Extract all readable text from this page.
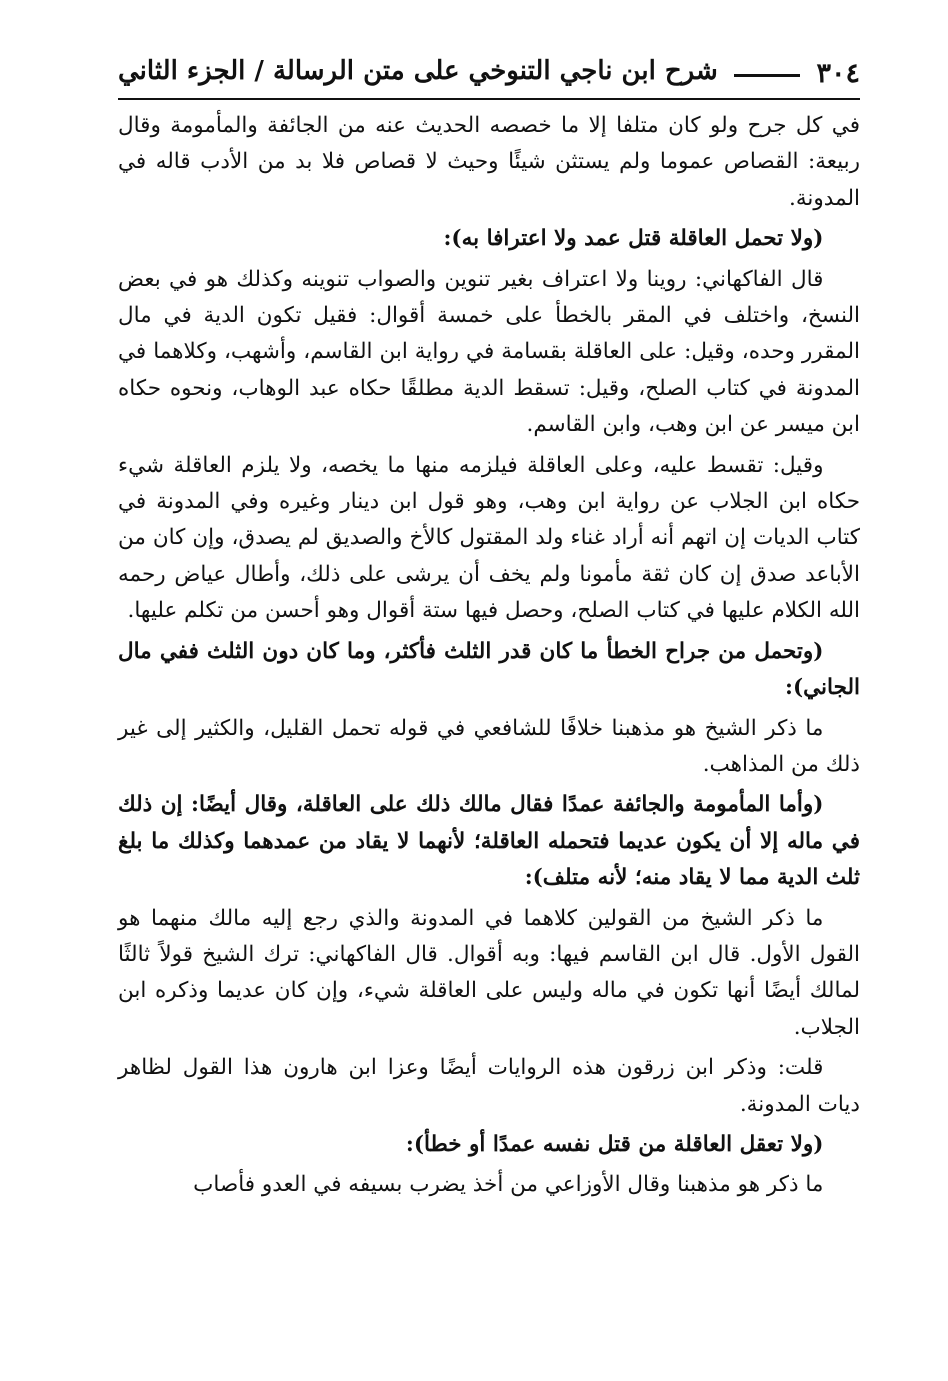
٣٠٤
شرح ابن ناجي التنوخي على متن الرسالة / الجزء الثاني

في كل جرح ولو كان متلفا إلا ما خصصه الحديث عنه من الجائفة والمأمومة وقال ربيعة: القصاص عموما ولم يستثن شيئًا وحيث لا قصاص فلا بد من الأدب قاله في المدونة.

(ولا تحمل العاقلة قتل عمد ولا اعترافا به):

قال الفاكهاني: روينا ولا اعتراف بغير تنوين والصواب تنوينه وكذلك هو في بعض النسخ، واختلف في المقر بالخطأ على خمسة أقوال: فقيل تكون الدية في مال المقرر وحده، وقيل: على العاقلة بقسامة في رواية ابن القاسم، وأشهب، وكلاهما في المدونة في كتاب الصلح، وقيل: تسقط الدية مطلقًا حكاه عبد الوهاب، ونحوه حكاه ابن ميسر عن ابن وهب، وابن القاسم.

وقيل: تقسط عليه، وعلى العاقلة فيلزمه منها ما يخصه، ولا يلزم العاقلة شيء حكاه ابن الجلاب عن رواية ابن وهب، وهو قول ابن دينار وغيره وفي المدونة في كتاب الديات إن اتهم أنه أراد غناء ولد المقتول كالأخ والصديق لم يصدق، وإن كان من الأباعد صدق إن كان ثقة مأمونا ولم يخف أن يرشى على ذلك، وأطال عياض رحمه الله الكلام عليها في كتاب الصلح، وحصل فيها ستة أقوال وهو أحسن من تكلم عليها.

(وتحمل من جراح الخطأ ما كان قدر الثلث فأكثر، وما كان دون الثلث ففي مال الجاني):

ما ذكر الشيخ هو مذهبنا خلافًا للشافعي في قوله تحمل القليل، والكثير إلى غير ذلك من المذاهب.

(وأما المأمومة والجائفة عمدًا فقال مالك ذلك على العاقلة، وقال أيضًا: إن ذلك في ماله إلا أن يكون عديما فتحمله العاقلة؛ لأنهما لا يقاد من عمدهما وكذلك ما بلغ ثلث الدية مما لا يقاد منه؛ لأنه متلف):

ما ذكر الشيخ من القولين كلاهما في المدونة والذي رجع إليه مالك منهما هو القول الأول. قال ابن القاسم فيها: وبه أقوال. قال الفاكهاني: ترك الشيخ قولاً ثالثًا لمالك أيضًا أنها تكون في ماله وليس على العاقلة شيء، وإن كان عديما وذكره ابن الجلاب.

قلت: وذكر ابن زرقون هذه الروايات أيضًا وعزا ابن هارون هذا القول لظاهر ديات المدونة.

(ولا تعقل العاقلة من قتل نفسه عمدًا أو خطأ):

ما ذكر هو مذهبنا وقال الأوزاعي من أخذ يضرب بسيفه في العدو فأصاب
